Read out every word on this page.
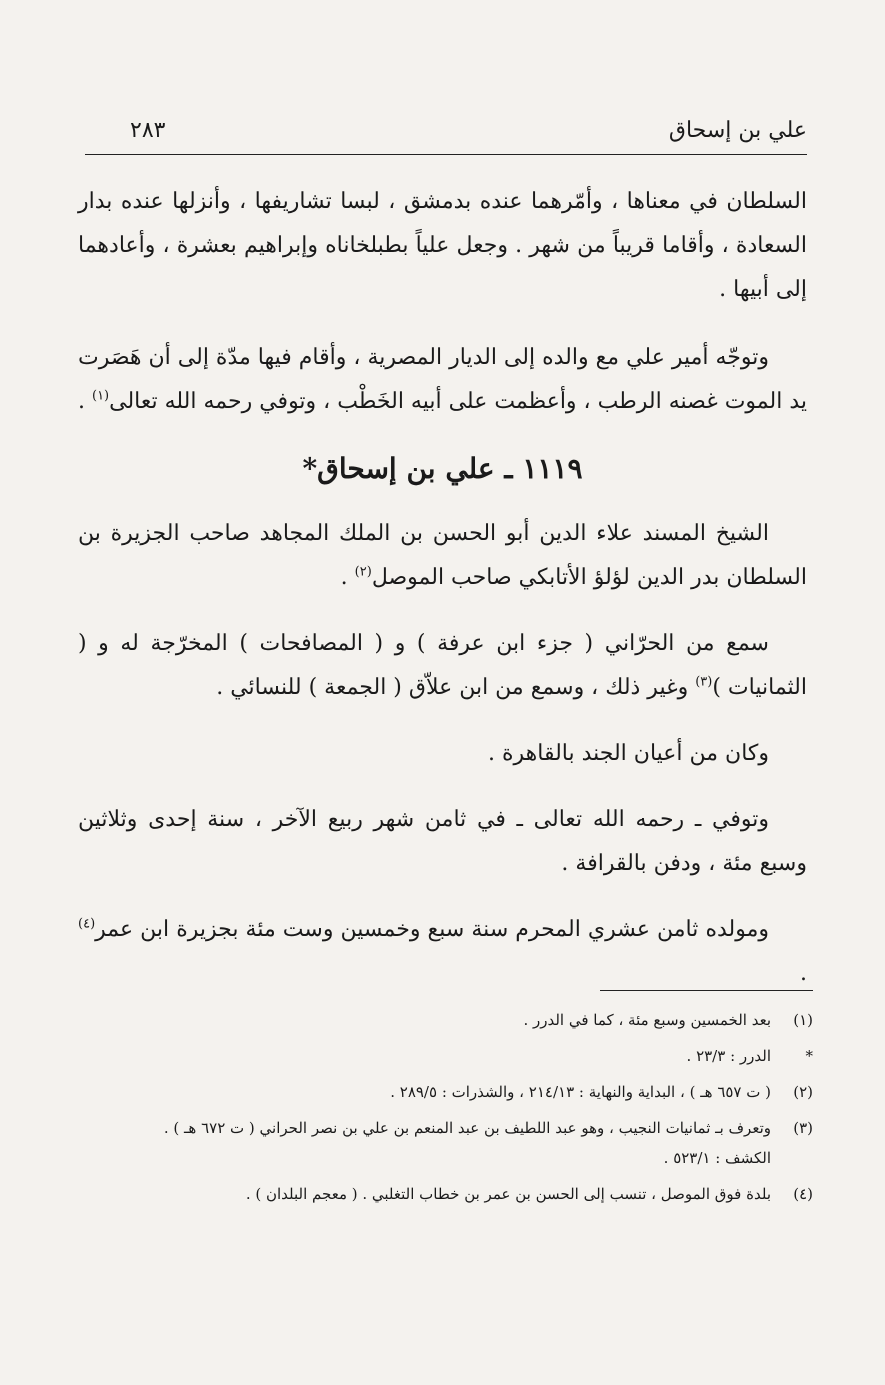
علي بن إسحاق
٢٨٣

السلطان في معناها ، وأمّرهما عنده بدمشق ، لبسا تشاريفها ، وأنزلها عنده بدار السعادة ، وأقاما قريباً من شهر . وجعل علياً بطبلخاناه وإبراهيم بعشرة ، وأعادهما إلى أبيها .

وتوجّه أمير علي مع والده إلى الديار المصرية ، وأقام فيها مدّة إلى أن هَصَرت يد الموت غصنه الرطب ، وأعظمت على أبيه الخَطْب ، وتوفي رحمه الله تعالى$^{(١)}$ .

١١١٩ ـ علي بن إسحاق*

الشيخ المسند علاء الدين أبو الحسن بن الملك المجاهد صاحب الجزيرة بن السلطان بدر الدين لؤلؤ الأتابكي صاحب الموصل$^{(٢)}$ .

سمع من الحرّاني ( جزء ابن عرفة ) و ( المصافحات ) المخرّجة له و ( الثمانيات )$^{(٣)}$ وغير ذلك ، وسمع من ابن علاّق ( الجمعة ) للنسائي .

وكان من أعيان الجند بالقاهرة .

وتوفي ـ رحمه الله تعالى ـ في ثامن شهر ربيع الآخر ، سنة إحدى وثلاثين وسبع مئة ، ودفن بالقرافة .

ومولده ثامن عشري المحرم سنة سبع وخمسين وست مئة بجزيرة ابن عمر$^{(٤)}$ .

(١)
بعد الخمسين وسبع مئة ، كما في الدرر .
*
الدرر : ٢٣/٣ .
(٢)
( ت ٦٥٧ هـ ) ، البداية والنهاية : ٢١٤/١٣ ، والشذرات : ٢٨٩/٥ .
(٣)
وتعرف بـ ثمانيات النجيب ، وهو عبد اللطيف بن عبد المنعم بن علي بن نصر الحراني ( ت ٦٧٢ هـ ) . الكشف : ٥٢٣/١ .
(٤)
بلدة فوق الموصل ، تنسب إلى الحسن بن عمر بن خطاب التغلبي . ( معجم البلدان ) .
